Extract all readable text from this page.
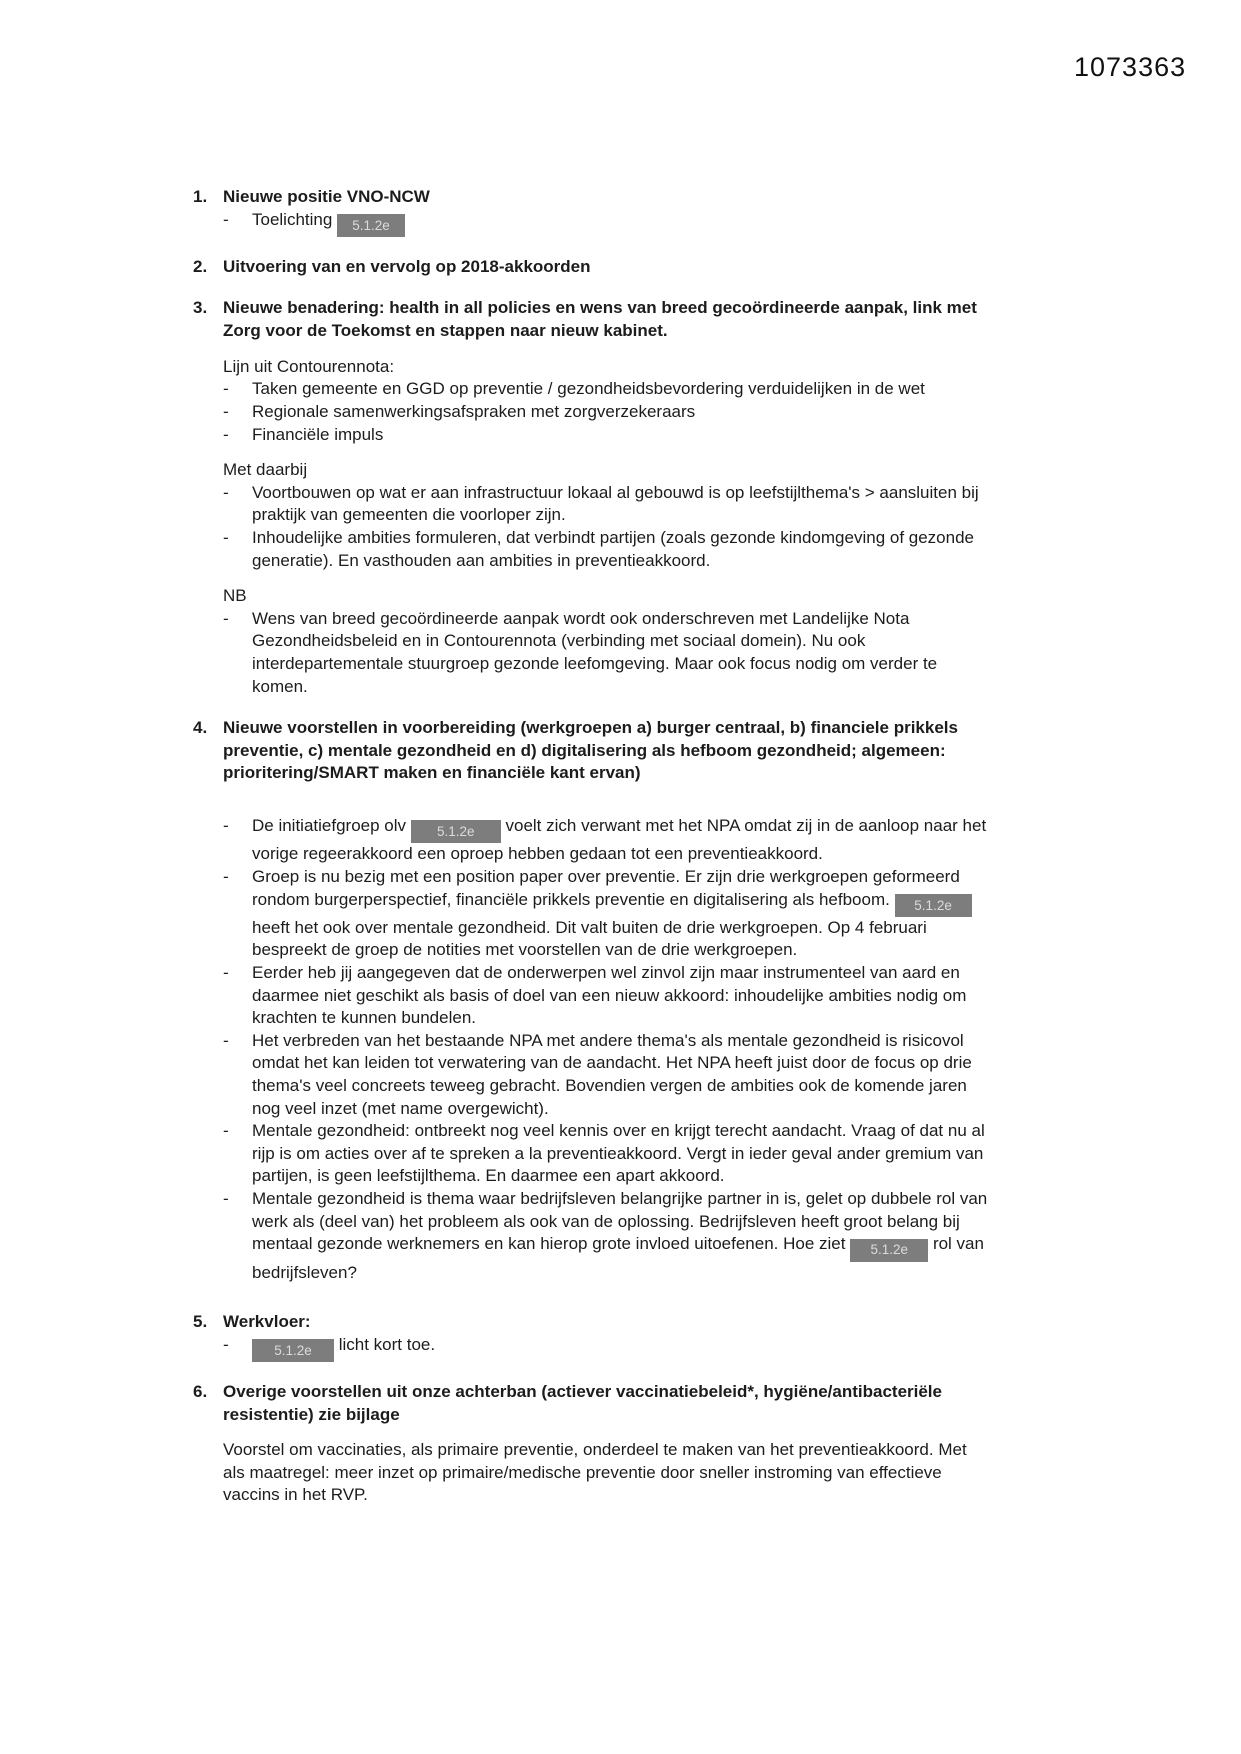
1073363
1. Nieuwe positie VNO-NCW
-	Toelichting 5.1.2e
2. Uitvoering van en vervolg op 2018-akkoorden
3. Nieuwe benadering: health in all policies en wens van breed gecoördineerde aanpak, link met Zorg voor de Toekomst en stappen naar nieuw kabinet.
Lijn uit Contourennota:
-	Taken gemeente en GGD op preventie / gezondheidsbevordering verduidelijken in de wet
-	Regionale samenwerkingsafspraken met zorgverzekeraars
-	Financiële impuls
Met daarbij
-	Voortbouwen op wat er aan infrastructuur lokaal al gebouwd is op leefstijlthema's > aansluiten bij praktijk van gemeenten die voorloper zijn.
-	Inhoudelijke ambities formuleren, dat verbindt partijen (zoals gezonde kindomgeving of gezonde generatie). En vasthouden aan ambities in preventieakkoord.
NB
-	Wens van breed gecoördineerde aanpak wordt ook onderschreven met Landelijke Nota Gezondheidsbeleid en in Contourennota (verbinding met sociaal domein). Nu ook interdepartementale stuurgroep gezonde leefomgeving. Maar ook focus nodig om verder te komen.
4. Nieuwe voorstellen in voorbereiding (werkgroepen a) burger centraal, b) financiele prikkels preventie, c) mentale gezondheid en d) digitalisering als hefboom gezondheid; algemeen: prioritering/SMART maken en financiële kant ervan)
-	De initiatiefgroep olv 5.1.2e voelt zich verwant met het NPA omdat zij in de aanloop naar het vorige regeerakkoord een oproep hebben gedaan tot een preventieakkoord.
-	Groep is nu bezig met een position paper over preventie. Er zijn drie werkgroepen geformeerd rondom burgerperspectief, financiële prikkels preventie en digitalisering als hefboom. 5.1.2e heeft het ook over mentale gezondheid. Dit valt buiten de drie werkgroepen. Op 4 februari bespreekt de groep de notities met voorstellen van de drie werkgroepen.
-	Eerder heb jij aangegeven dat de onderwerpen wel zinvol zijn maar instrumenteel van aard en daarmee niet geschikt als basis of doel van een nieuw akkoord: inhoudelijke ambities nodig om krachten te kunnen bundelen.
-	Het verbreden van het bestaande NPA met andere thema's als mentale gezondheid is risicovol omdat het kan leiden tot verwatering van de aandacht. Het NPA heeft juist door de focus op drie thema's veel concreets teweeg gebracht. Bovendien vergen de ambities ook de komende jaren nog veel inzet (met name overgewicht).
-	Mentale gezondheid: ontbreekt nog veel kennis over en krijgt terecht aandacht. Vraag of dat nu al rijp is om acties over af te spreken a la preventieakkoord. Vergt in ieder geval ander gremium van partijen, is geen leefstijlthema. En daarmee een apart akkoord.
-	Mentale gezondheid is thema waar bedrijfsleven belangrijke partner in is, gelet op dubbele rol van werk als (deel van) het probleem als ook van de oplossing. Bedrijfsleven heeft groot belang bij mentaal gezonde werknemers en kan hierop grote invloed uitoefenen. Hoe ziet 5.1.2e rol van bedrijfsleven?
5. Werkvloer:
-	5.1.2e licht kort toe.
6. Overige voorstellen uit onze achterban (actiever vaccinatiebeleid*, hygiëne/antibacteriële resistentie) zie bijlage
Voorstel om vaccinaties, als primaire preventie, onderdeel te maken van het preventieakkoord. Met als maatregel: meer inzet op primaire/medische preventie door sneller instroming van effectieve vaccins in het RVP.
